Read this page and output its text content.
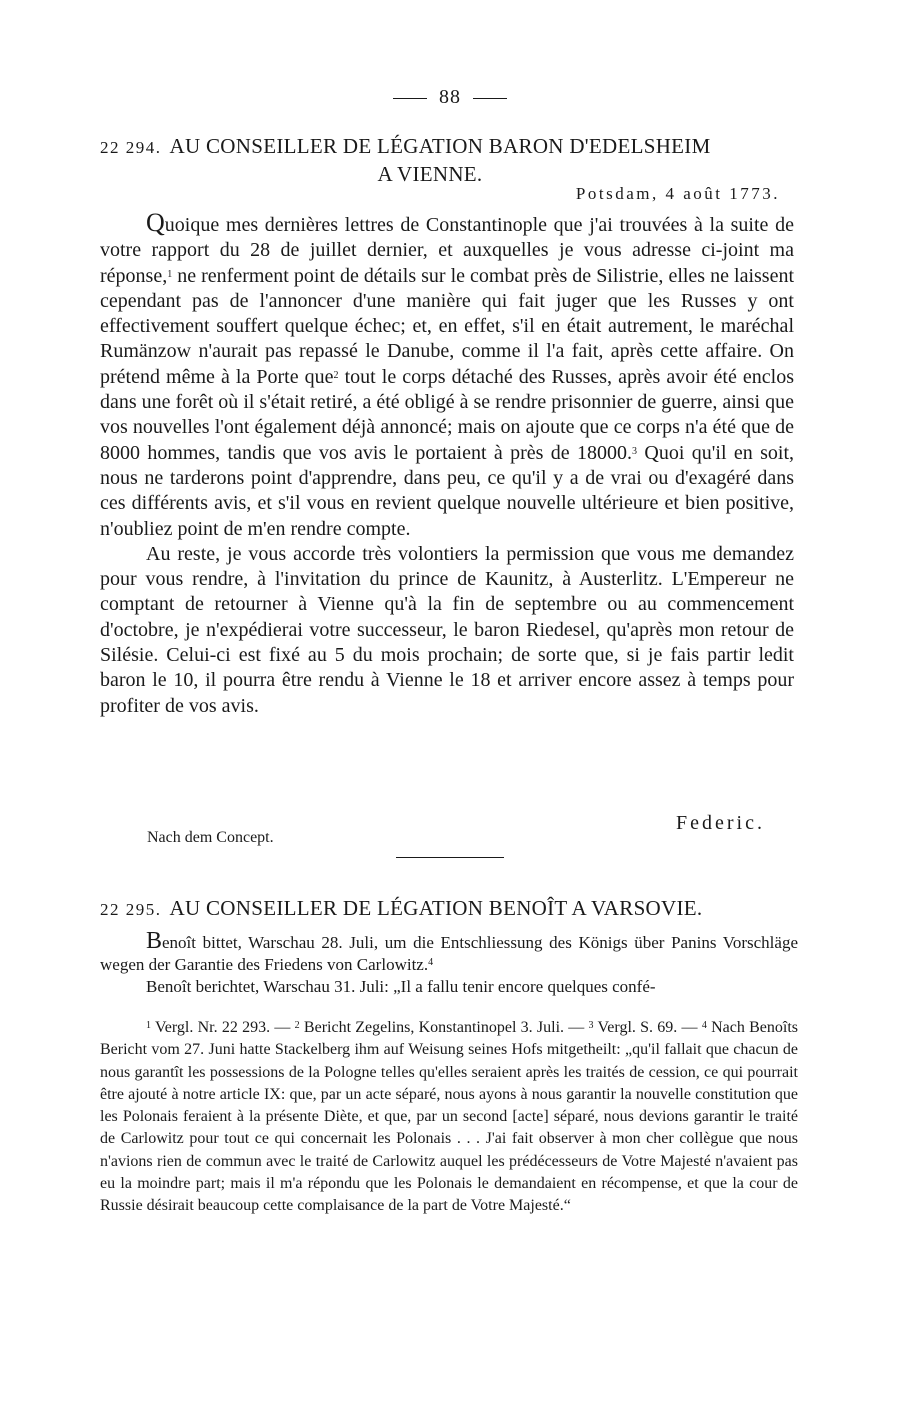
88
22 294. AU CONSEILLER DE LÉGATION BARON D'EDELSHEIM
A VIENNE.
Potsdam, 4 août 1773.

Quoique mes dernières lettres de Constantinople que j'ai trouvées à la suite de votre rapport du 28 de juillet dernier, et auxquelles je vous adresse ci-joint ma réponse,$^1$ ne renferment point de détails sur le combat près de Silistrie, elles ne laissent cependant pas de l'annoncer d'une manière qui fait juger que les Russes y ont effectivement souffert quelque échec; et, en effet, s'il en était autrement, le maréchal Rumänzow n'aurait pas repassé le Danube, comme il l'a fait, après cette affaire. On prétend même à la Porte que$^2$ tout le corps détaché des Russes, après avoir été enclos dans une forêt où il s'était retiré, a été obligé à se rendre prisonnier de guerre, ainsi que vos nouvelles l'ont également déjà annoncé; mais on ajoute que ce corps n'a été que de 8000 hommes, tandis que vos avis le portaient à près de 18000.$^3$ Quoi qu'il en soit, nous ne tarderons point d'apprendre, dans peu, ce qu'il y a de vrai ou d'exagéré dans ces différents avis, et s'il vous en revient quelque nouvelle ultérieure et bien positive, n'oubliez point de m'en rendre compte.

Au reste, je vous accorde très volontiers la permission que vous me demandez pour vous rendre, à l'invitation du prince de Kaunitz, à Austerlitz. L'Empereur ne comptant de retourner à Vienne qu'à la fin de septembre ou au commencement d'octobre, je n'expédierai votre successeur, le baron Riedesel, qu'après mon retour de Silésie. Celui-ci est fixé au 5 du mois prochain; de sorte que, si je fais partir ledit baron le 10, il pourra être rendu à Vienne le 18 et arriver encore assez à temps pour profiter de vos avis.

Federic.
Nach dem Concept.
22 295. AU CONSEILLER DE LÉGATION BENOÎT A VARSOVIE.

Benoît bittet, Warschau 28. Juli, um die Entschliessung des Königs über Panins Vorschläge wegen der Garantie des Friedens von Carlowitz.$^4$

Benoît berichtet, Warschau 31. Juli: „Il a fallu tenir encore quelques confé-

$^1$ Vergl. Nr. 22 293. — $^2$ Bericht Zegelins, Konstantinopel 3. Juli. — $^3$ Vergl. S. 69. — $^4$ Nach Benoîts Bericht vom 27. Juni hatte Stackelberg ihm auf Weisung seines Hofs mitgetheilt: „qu'il fallait que chacun de nous garantît les possessions de la Pologne telles qu'elles seraient après les traités de cession, ce qui pourrait être ajouté à notre article IX: que, par un acte séparé, nous ayons à nous garantir la nouvelle constitution que les Polonais feraient à la présente Diète, et que, par un second [acte] séparé, nous devions garantir le traité de Carlowitz pour tout ce qui concernait les Polonais . . . J'ai fait observer à mon cher collègue que nous n'avions rien de commun avec le traité de Carlowitz auquel les prédécesseurs de Votre Majesté n'avaient pas eu la moindre part; mais il m'a répondu que les Polonais le demandaient en récompense, et que la cour de Russie désirait beaucoup cette complaisance de la part de Votre Majesté.“
